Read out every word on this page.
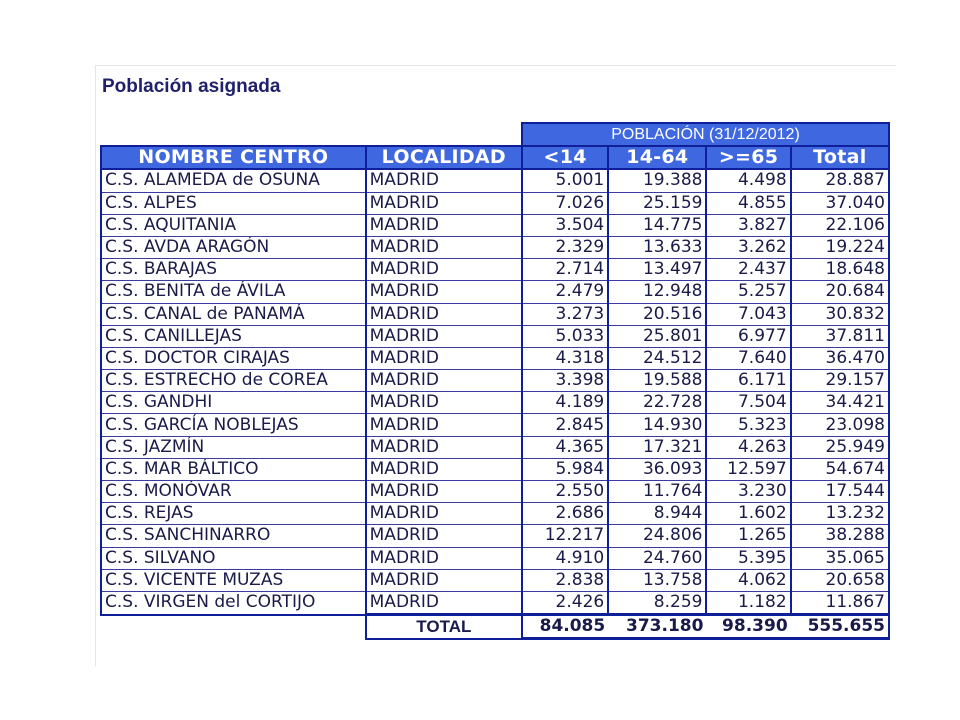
Población asignada
		POBLACIÓN (31/12/2012)			
NOMBRE CENTRO	LOCALIDAD	<14	14-64	>=65	Total
C.S. ALAMEDA de OSUNA	MADRID	5.001	19.388	4.498	28.887
C.S. ALPES	MADRID	7.026	25.159	4.855	37.040
C.S. AQUITANIA	MADRID	3.504	14.775	3.827	22.106
C.S. AVDA ARAGÓN	MADRID	2.329	13.633	3.262	19.224
C.S. BARAJAS	MADRID	2.714	13.497	2.437	18.648
C.S. BENITA de ÁVILA	MADRID	2.479	12.948	5.257	20.684
C.S. CANAL de PANAMÁ	MADRID	3.273	20.516	7.043	30.832
C.S. CANILLEJAS	MADRID	5.033	25.801	6.977	37.811
C.S. DOCTOR CIRAJAS	MADRID	4.318	24.512	7.640	36.470
C.S. ESTRECHO de COREA	MADRID	3.398	19.588	6.171	29.157
C.S. GANDHI	MADRID	4.189	22.728	7.504	34.421
C.S. GARCÍA NOBLEJAS	MADRID	2.845	14.930	5.323	23.098
C.S. JAZMÍN	MADRID	4.365	17.321	4.263	25.949
C.S. MAR BÁLTICO	MADRID	5.984	36.093	12.597	54.674
C.S. MONÓVAR	MADRID	2.550	11.764	3.230	17.544
C.S. REJAS	MADRID	2.686	8.944	1.602	13.232
C.S. SANCHINARRO	MADRID	12.217	24.806	1.265	38.288
C.S. SILVANO	MADRID	4.910	24.760	5.395	35.065
C.S. VICENTE MUZAS	MADRID	2.838	13.758	4.062	20.658
C.S. VIRGEN del CORTIJO	MADRID	2.426	8.259	1.182	11.867
	TOTAL	84.085	373.180	98.390	555.655
